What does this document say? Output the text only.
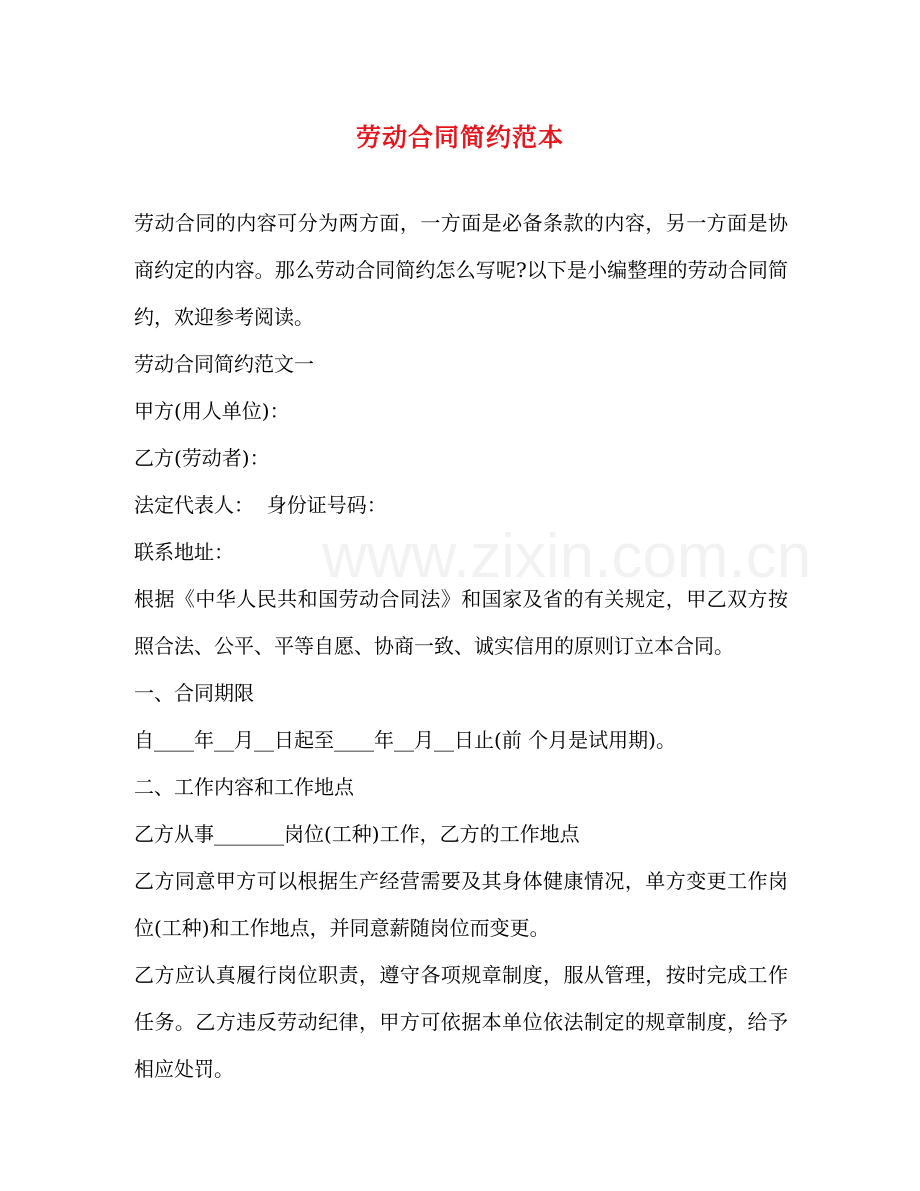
www.zixin.com.cn
劳动合同简约范本

劳动合同的内容可分为两方面，一方面是必备条款的内容，另一方面是协商约定的内容。那么劳动合同简约怎么写呢?以下是小编整理的劳动合同简约，欢迎参考阅读。

劳动合同简约范文一

甲方(用人单位)：

乙方(劳动者)：

法定代表人：  身份证号码：

联系地址：

根据《中华人民共和国劳动合同法》和国家及省的有关规定，甲乙双方按照合法、公平、平等自愿、协商一致、诚实信用的原则订立本合同。

一、合同期限

自____年__月__日起至____年__月__日止(前 个月是试用期)。

二、工作内容和工作地点

乙方从事_______岗位(工种)工作，乙方的工作地点

乙方同意甲方可以根据生产经营需要及其身体健康情况，单方变更工作岗位(工种)和工作地点，并同意薪随岗位而变更。

乙方应认真履行岗位职责，遵守各项规章制度，服从管理，按时完成工作任务。乙方违反劳动纪律，甲方可依据本单位依法制定的规章制度，给予相应处罚。
